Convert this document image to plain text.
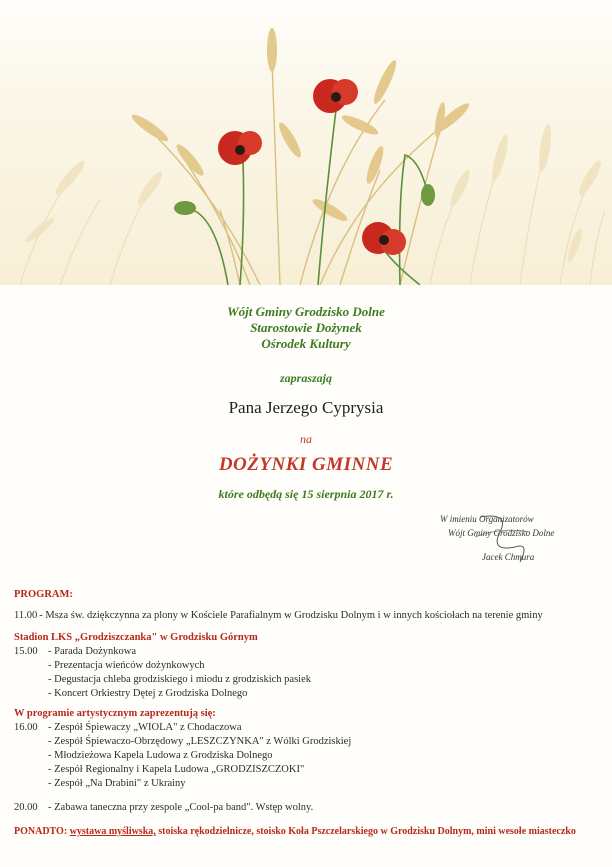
Wójt Gminy Grodzisko Dolne
Starostowie Dożynek
Ośrodek Kultury
zapraszają
Pana Jerzego Cyprysia
na
DOŻYNKI GMINNE
które odbędą się 15 sierpnia 2017 r.
W imieniu Organizatorów
Wójt Gminy Grodzisko Dolne
Jacek Chmura
PROGRAM:
11.00 - Msza św. dziękczynna za plony w Kościele Parafialnym w Grodzisku Dolnym i w innych kościołach na terenie gminy
Stadion LKS „Grodziszczanka" w Grodzisku Górnym
15.00 - Parada Dożynkowa
- Prezentacja wieńców dożynkowych
- Degustacja chleba grodziskiego i miodu z grodziskich pasiek
- Koncert Orkiestry Dętej z Grodziska Dolnego
W programie artystycznym zaprezentują się:
16.00 - Zespół Śpiewaczy „WIOLA" z Chodaczowa
- Zespół Śpiewaczo-Obrzędowy „LESZCZYNKA" z Wólki Grodziskiej
- Młodzieżowa Kapela Ludowa z Grodziska Dolnego
- Zespół Regionalny i Kapela Ludowa „GRODZISZCZOKI"
- Zespół „Na Drabini" z Ukrainy
20.00 - Zabawa taneczna przy zespole „Cool-pa band". Wstęp wolny.
PONADTO: wystawa myśliwska, stoiska rękodzielnicze, stoisko Koła Pszczelarskiego w Grodzisku Dolnym, mini wesołe miasteczko
